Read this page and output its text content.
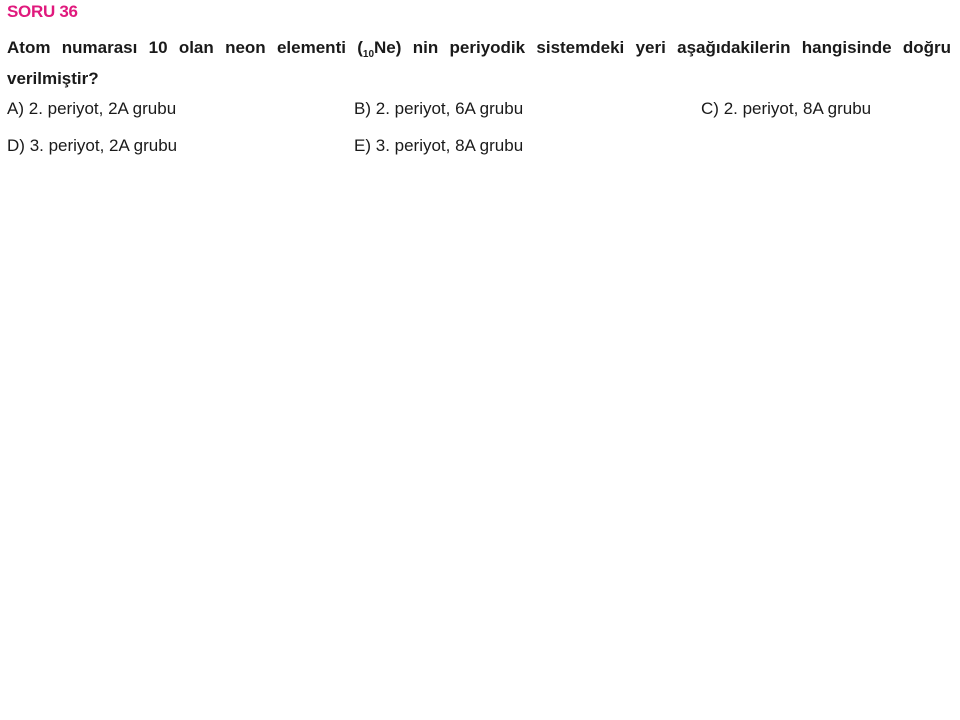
SORU 36
Atom numarası 10 olan neon elementi $(_{10}Ne)$ nin periyodik sistemdeki yeri aşağıdakilerin hangisinde doğru verilmiştir?
A) 2. periyot, 2A grubu	B) 2. periyot, 6A grubu	C) 2. periyot, 8A grubu
D) 3. periyot, 2A grubu	E) 3. periyot, 8A grubu
